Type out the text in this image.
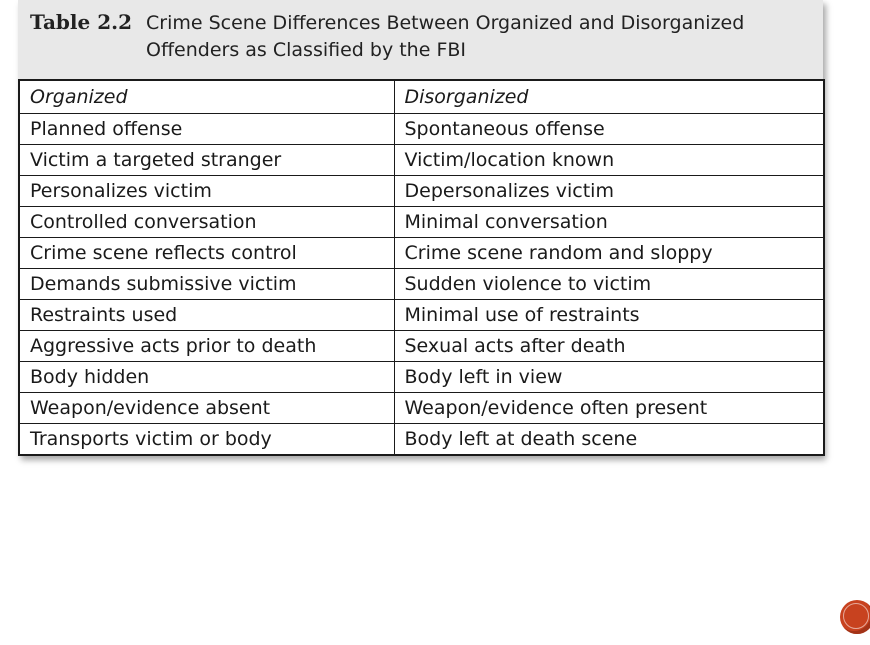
Table 2.2 Crime Scene Differences Between Organized and Disorganized Offenders as Classified by the FBI
Organized	Disorganized
Planned offense	Spontaneous offense
Victim a targeted stranger	Victim/location known
Personalizes victim	Depersonalizes victim
Controlled conversation	Minimal conversation
Crime scene reflects control	Crime scene random and sloppy
Demands submissive victim	Sudden violence to victim
Restraints used	Minimal use of restraints
Aggressive acts prior to death	Sexual acts after death
Body hidden	Body left in view
Weapon/evidence absent	Weapon/evidence often present
Transports victim or body	Body left at death scene
